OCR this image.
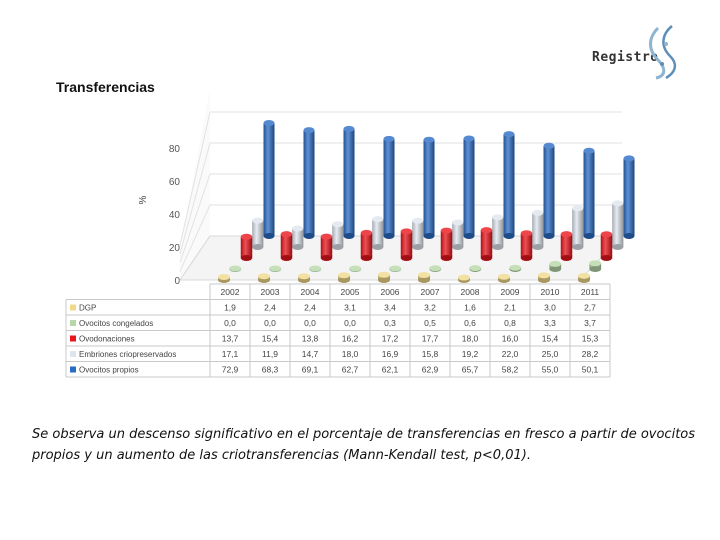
Registro
Transferencias
0
20
40
60
80
%
2002 2003 2004 2005 2006 2007 2008 2009 2010	2011
DGP	1,9	2,4	2,4	3,1	3,4	3,2	1,6	2,1	3,0	2,7
Ovocitos congelados	0,0	0,0	0,0	0,0	0,3	0,5	0,6	0,8	3,3	3,7
Ovodonaciones	13,7	15,4	13,8	16,2	17,2	17,7	18,0	16,0	15,4	15,3
Embriones criopreservados	17,1	11,9	14,7	18,0	16,9	15,8	19,2	22,0	25,0	28,2
Ovocitos propios	72,9	68,3	69,1	62,7	62,1	62,9	65,7	58,2	55,0	50,1
Se observa un descenso significativo en el porcentaje de transferencias en fresco a partir de ovocitos propios y un aumento de las criotransferencias (Mann-Kendall test, p<0,01).
